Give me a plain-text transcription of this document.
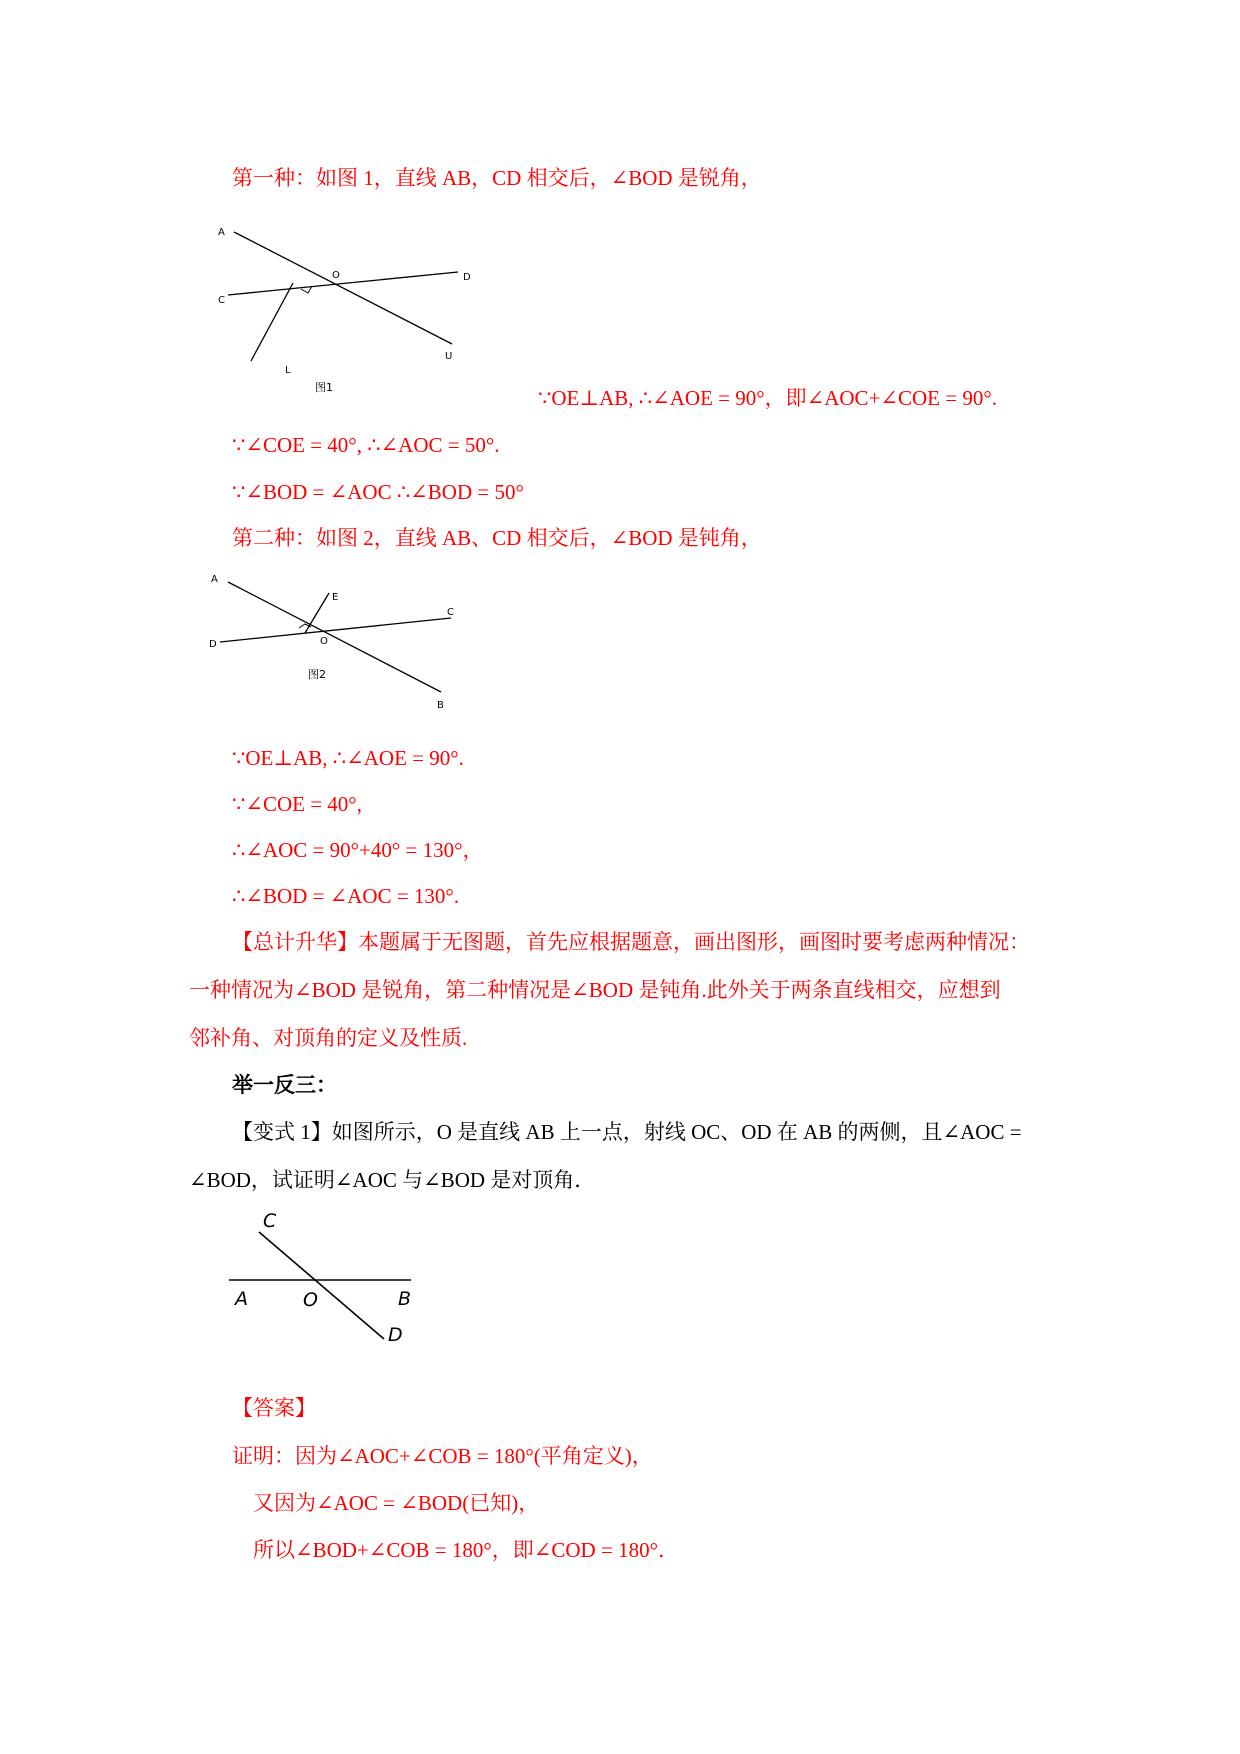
第一种：如图 1，直线 AB，CD 相交后，∠BOD 是锐角，
A
C
O	D
L
U
图1	∵OE⊥AB, ∴∠AOE = 90°，即∠AOC+∠COE = 90°.
∵∠COE = 40°, ∴∠AOC = 50°.
∵∠BOD = ∠AOC ∴∠BOD = 50°
第二种：如图 2，直线 AB、CD 相交后，∠BOD 是钝角，
A
D	O
E
C
B
图2
∵OE⊥AB, ∴∠AOE = 90°.
∵∠COE = 40°,
∴∠AOC = 90°+40° = 130°，
∴∠BOD = ∠AOC = 130°.
【总计升华】本题属于无图题，首先应根据题意，画出图形，画图时要考虑两种情况：
一种情况为∠BOD 是锐角，第二种情况是∠BOD 是钝角.此外关于两条直线相交，应想到
邻补角、对顶角的定义及性质.
举一反三：
【变式 1】如图所示，O 是直线 AB 上一点，射线 OC、OD 在 AB 的两侧，且∠AOC =
∠BOD，试证明∠AOC 与∠BOD 是对顶角．
C
A	O	B
D
【答案】
证明：因为∠AOC+∠COB = 180°(平角定义)，
又因为∠AOC = ∠BOD(已知)，
所以∠BOD+∠COB = 180°，即∠COD = 180°．
